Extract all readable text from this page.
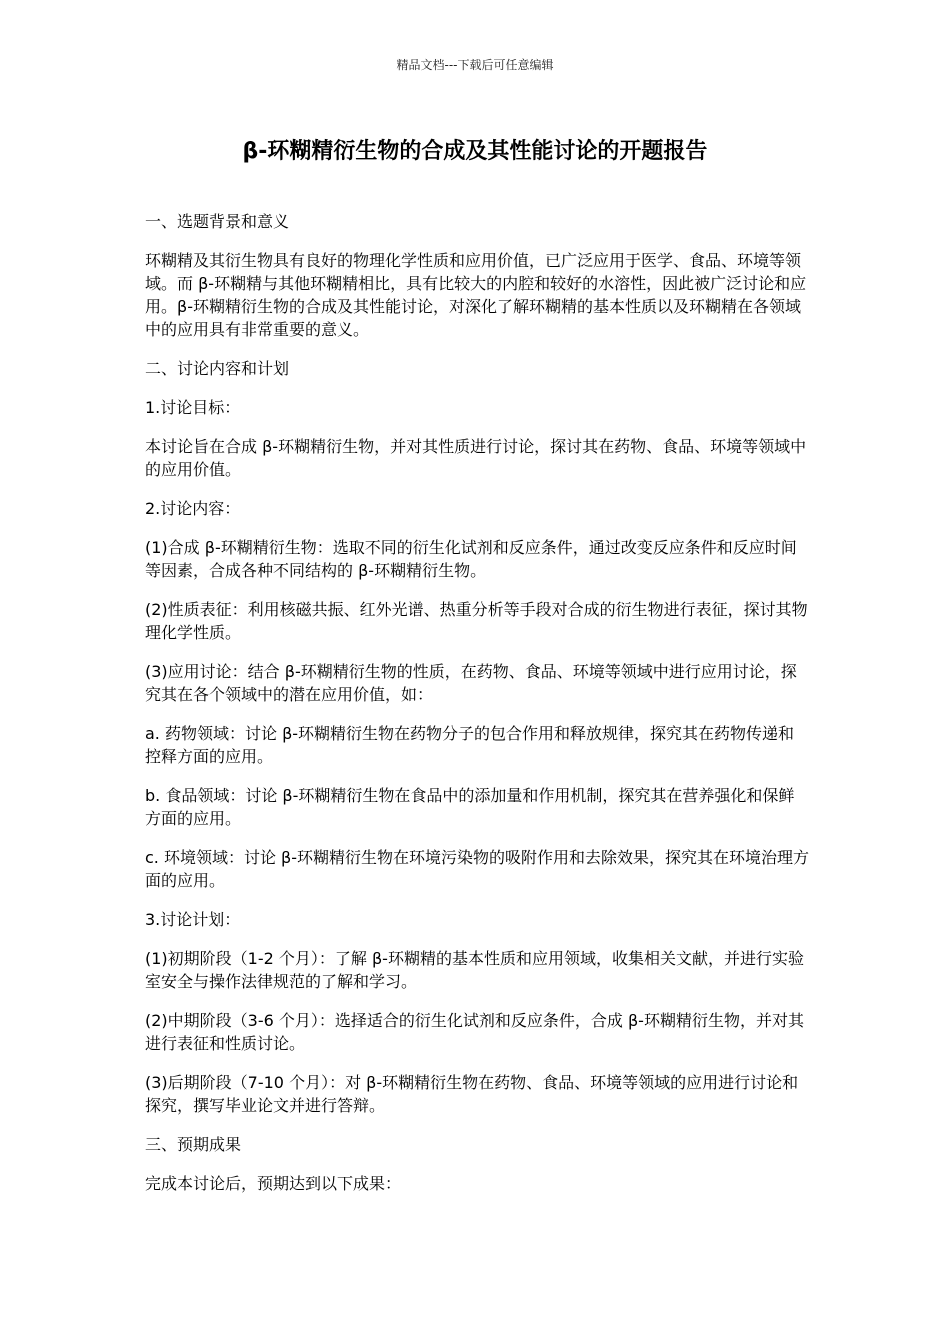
精品文档---下载后可任意编辑
β-环糊精衍生物的合成及其性能讨论的开题报告

一、选题背景和意义

环糊精及其衍生物具有良好的物理化学性质和应用价值，已广泛应用于医学、食品、环境等领域。而 β-环糊精与其他环糊精相比，具有比较大的内腔和较好的水溶性，因此被广泛讨论和应用。β-环糊精衍生物的合成及其性能讨论，对深化了解环糊精的基本性质以及环糊精在各领域中的应用具有非常重要的意义。

二、讨论内容和计划

1.讨论目标：

本讨论旨在合成 β-环糊精衍生物，并对其性质进行讨论，探讨其在药物、食品、环境等领域中的应用价值。

2.讨论内容：

(1)合成 β-环糊精衍生物：选取不同的衍生化试剂和反应条件，通过改变反应条件和反应时间等因素，合成各种不同结构的 β-环糊精衍生物。

(2)性质表征：利用核磁共振、红外光谱、热重分析等手段对合成的衍生物进行表征，探讨其物理化学性质。

(3)应用讨论：结合 β-环糊精衍生物的性质，在药物、食品、环境等领域中进行应用讨论，探究其在各个领域中的潜在应用价值，如：

a. 药物领域：讨论 β-环糊精衍生物在药物分子的包合作用和释放规律，探究其在药物传递和控释方面的应用。

b. 食品领域：讨论 β-环糊精衍生物在食品中的添加量和作用机制，探究其在营养强化和保鲜方面的应用。

c. 环境领域：讨论 β-环糊精衍生物在环境污染物的吸附作用和去除效果，探究其在环境治理方面的应用。

3.讨论计划：

(1)初期阶段（1-2 个月）：了解 β-环糊精的基本性质和应用领域，收集相关文献，并进行实验室安全与操作法律规范的了解和学习。

(2)中期阶段（3-6 个月）：选择适合的衍生化试剂和反应条件，合成 β-环糊精衍生物，并对其进行表征和性质讨论。

(3)后期阶段（7-10 个月）：对 β-环糊精衍生物在药物、食品、环境等领域的应用进行讨论和探究，撰写毕业论文并进行答辩。

三、预期成果

完成本讨论后，预期达到以下成果：
